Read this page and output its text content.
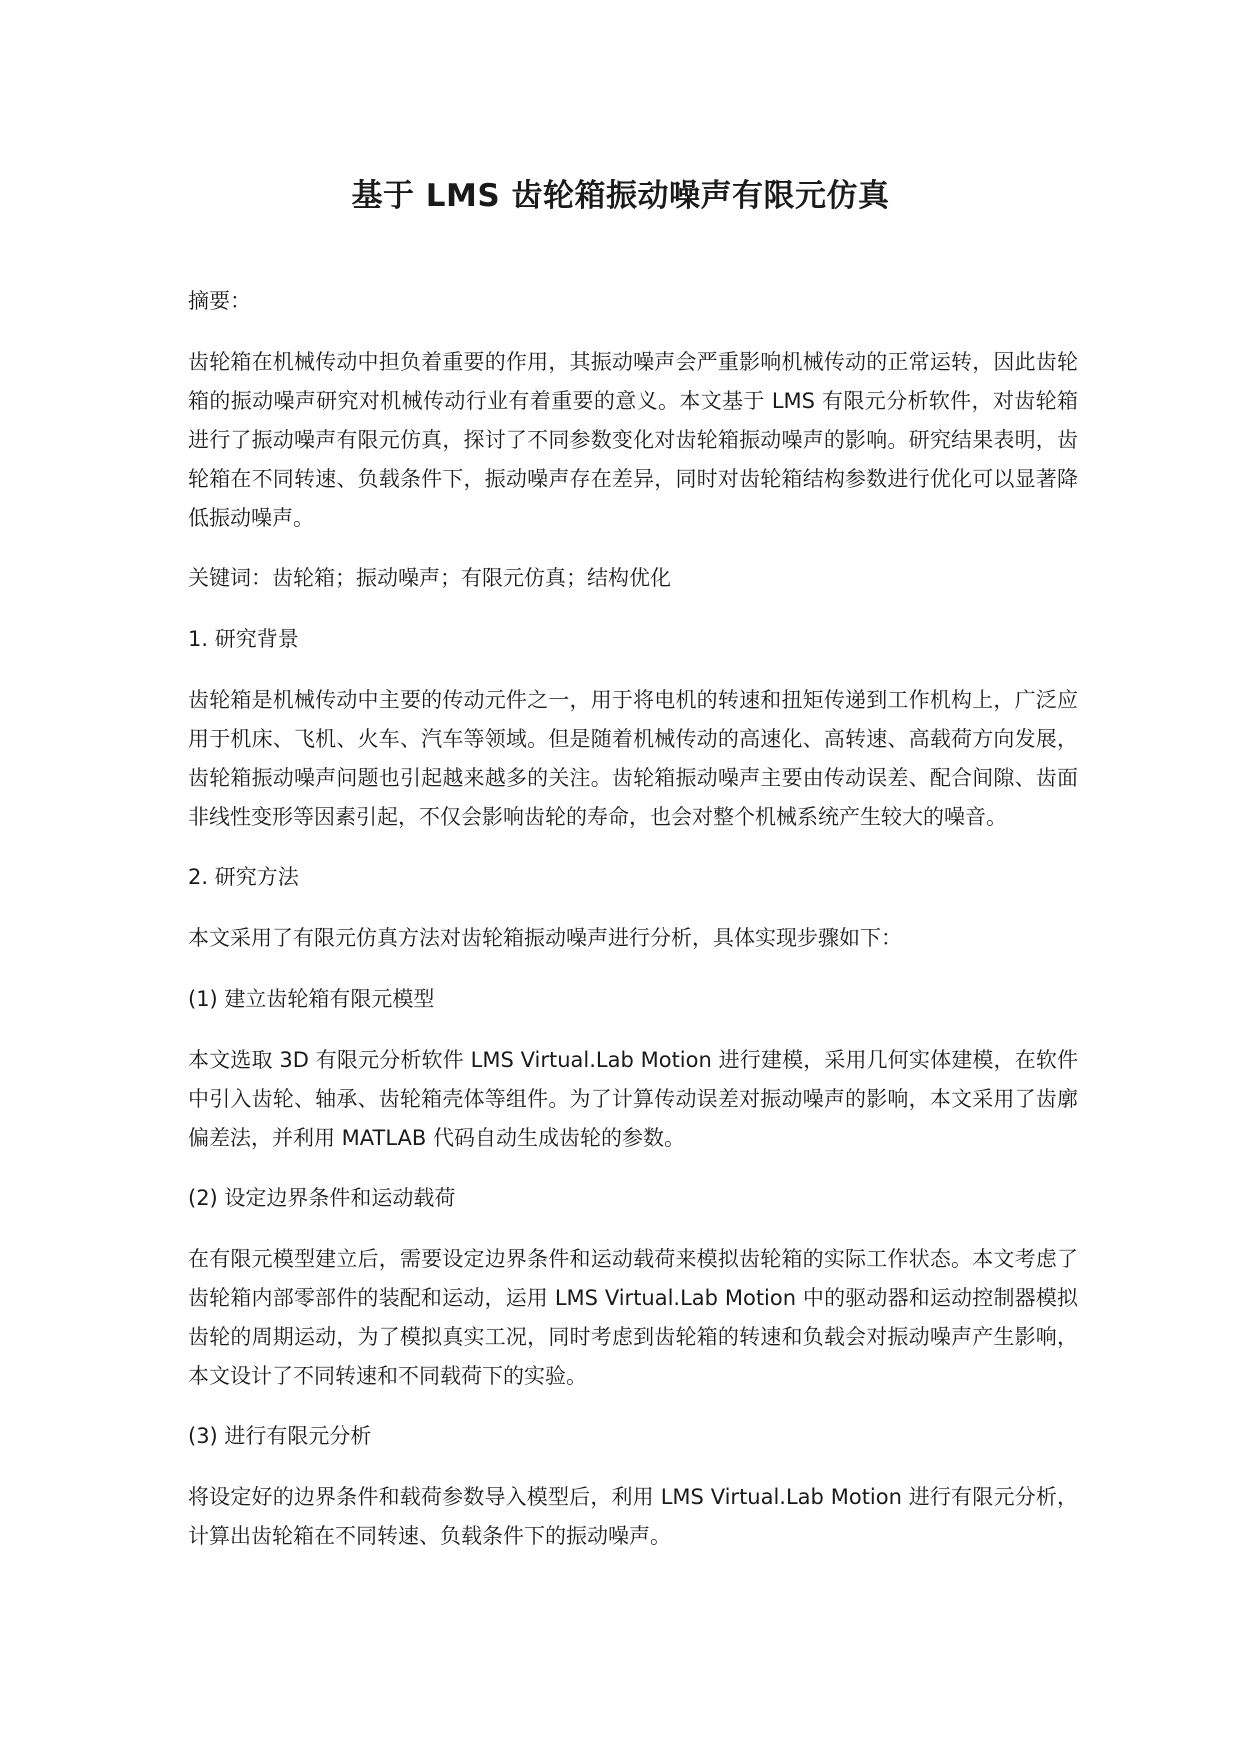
基于 LMS 齿轮箱振动噪声有限元仿真

摘要：

齿轮箱在机械传动中担负着重要的作用，其振动噪声会严重影响机械传动的正常运转，因此齿轮箱的振动噪声研究对机械传动行业有着重要的意义。本文基于 LMS 有限元分析软件，对齿轮箱进行了振动噪声有限元仿真，探讨了不同参数变化对齿轮箱振动噪声的影响。研究结果表明，齿轮箱在不同转速、负载条件下，振动噪声存在差异，同时对齿轮箱结构参数进行优化可以显著降低振动噪声。

关键词：齿轮箱；振动噪声；有限元仿真；结构优化

1. 研究背景

齿轮箱是机械传动中主要的传动元件之一，用于将电机的转速和扭矩传递到工作机构上，广泛应用于机床、飞机、火车、汽车等领域。但是随着机械传动的高速化、高转速、高载荷方向发展，齿轮箱振动噪声问题也引起越来越多的关注。齿轮箱振动噪声主要由传动误差、配合间隙、齿面非线性变形等因素引起，不仅会影响齿轮的寿命，也会对整个机械系统产生较大的噪音。

2. 研究方法

本文采用了有限元仿真方法对齿轮箱振动噪声进行分析，具体实现步骤如下：

(1) 建立齿轮箱有限元模型

本文选取 3D 有限元分析软件 LMS Virtual.Lab Motion 进行建模，采用几何实体建模，在软件中引入齿轮、轴承、齿轮箱壳体等组件。为了计算传动误差对振动噪声的影响，本文采用了齿廓偏差法，并利用 MATLAB 代码自动生成齿轮的参数。

(2) 设定边界条件和运动载荷

在有限元模型建立后，需要设定边界条件和运动载荷来模拟齿轮箱的实际工作状态。本文考虑了齿轮箱内部零部件的装配和运动，运用 LMS Virtual.Lab Motion 中的驱动器和运动控制器模拟齿轮的周期运动，为了模拟真实工况，同时考虑到齿轮箱的转速和负载会对振动噪声产生影响，本文设计了不同转速和不同载荷下的实验。

(3) 进行有限元分析

将设定好的边界条件和载荷参数导入模型后，利用 LMS Virtual.Lab Motion 进行有限元分析，计算出齿轮箱在不同转速、负载条件下的振动噪声。
